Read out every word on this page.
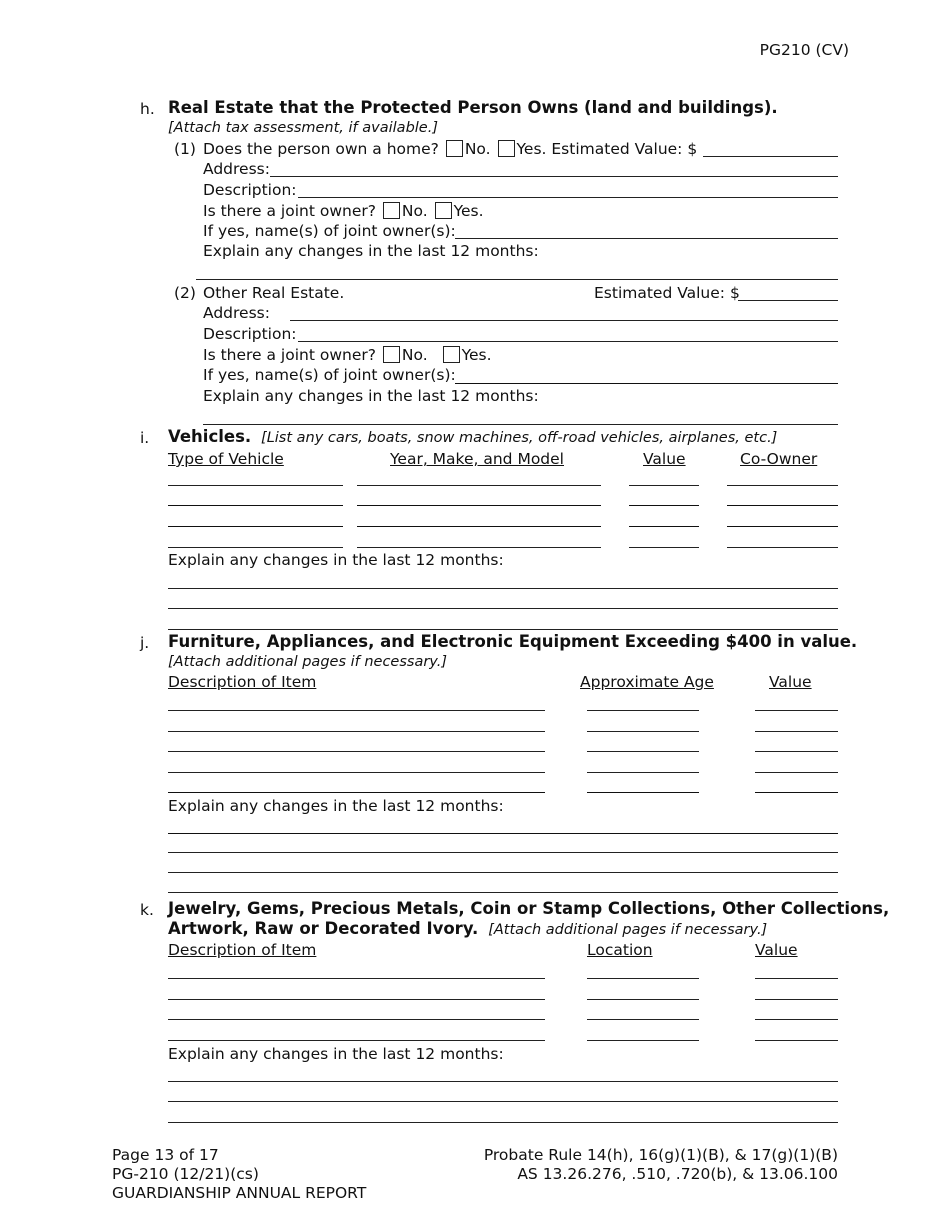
PG210 (CV)
h. Real Estate that the Protected Person Owns (land and buildings).
[Attach tax assessment, if available.]
(1) Does the person own a home? No. Yes. Estimated Value: $
Address:
Description:
Is there a joint owner? No. Yes.
If yes, name(s) of joint owner(s):
Explain any changes in the last 12 months:
(2) Other Real Estate.	Estimated Value: $
Address:
Description:
Is there a joint owner? No. Yes.
If yes, name(s) of joint owner(s):
Explain any changes in the last 12 months:
i. Vehicles. [List any cars, boats, snow machines, off-road vehicles, airplanes, etc.]
Type of Vehicle	Year, Make, and Model	Value	Co-Owner
Explain any changes in the last 12 months:
j. Furniture, Appliances, and Electronic Equipment Exceeding $400 in value.
[Attach additional pages if necessary.]
Description of Item	Approximate Age	Value
Explain any changes in the last 12 months:
k. Jewelry, Gems, Precious Metals, Coin or Stamp Collections, Other Collections,
Artwork, Raw or Decorated Ivory. [Attach additional pages if necessary.]
Description of Item	Location	Value
Explain any changes in the last 12 months:
Page 13 of 17
PG-210 (12/21)(cs)
GUARDIANSHIP ANNUAL REPORT
Probate Rule 14(h), 16(g)(1)(B), & 17(g)(1)(B)
AS 13.26.276, .510, .720(b), & 13.06.100
